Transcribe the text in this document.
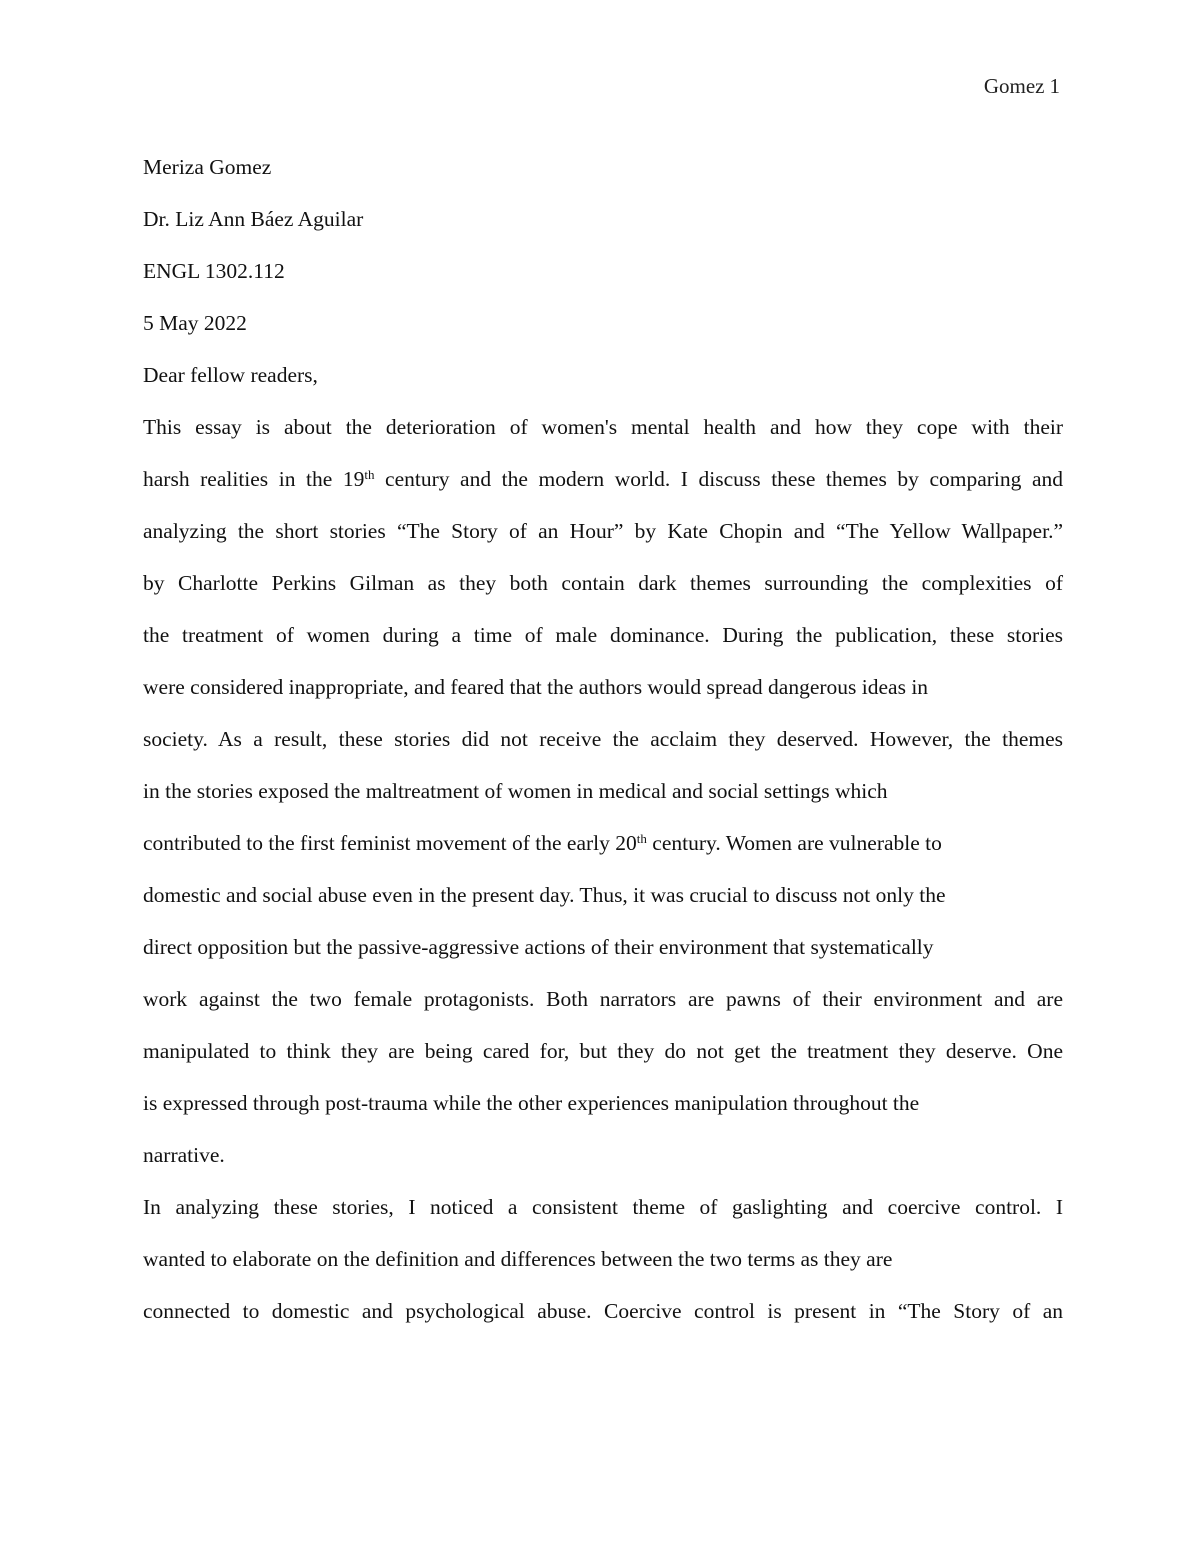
Gomez 1
Meriza Gomez
Dr. Liz Ann Báez Aguilar
ENGL 1302.112
5 May 2022
Dear fellow readers,
This essay is about the deterioration of women's mental health and how they cope with their
harsh realities in the 19th century and the modern world. I discuss these themes by comparing and
analyzing the short stories “The Story of an Hour” by Kate Chopin and “The Yellow Wallpaper.”
by Charlotte Perkins Gilman as they both contain dark themes surrounding the complexities of
the treatment of women during a time of male dominance. During the publication, these stories
were considered inappropriate, and feared that the authors would spread dangerous ideas in
society. As a result, these stories did not receive the acclaim they deserved. However, the themes
in the stories exposed the maltreatment of women in medical and social settings which
contributed to the first feminist movement of the early 20th century. Women are vulnerable to
domestic and social abuse even in the present day. Thus, it was crucial to discuss not only the
direct opposition but the passive-aggressive actions of their environment that systematically
work against the two female protagonists. Both narrators are pawns of their environment and are
manipulated to think they are being cared for, but they do not get the treatment they deserve. One
is expressed through post-trauma while the other experiences manipulation throughout the
narrative.
In analyzing these stories, I noticed a consistent theme of gaslighting and coercive control. I
wanted to elaborate on the definition and differences between the two terms as they are
connected to domestic and psychological abuse. Coercive control is present in “The Story of an
